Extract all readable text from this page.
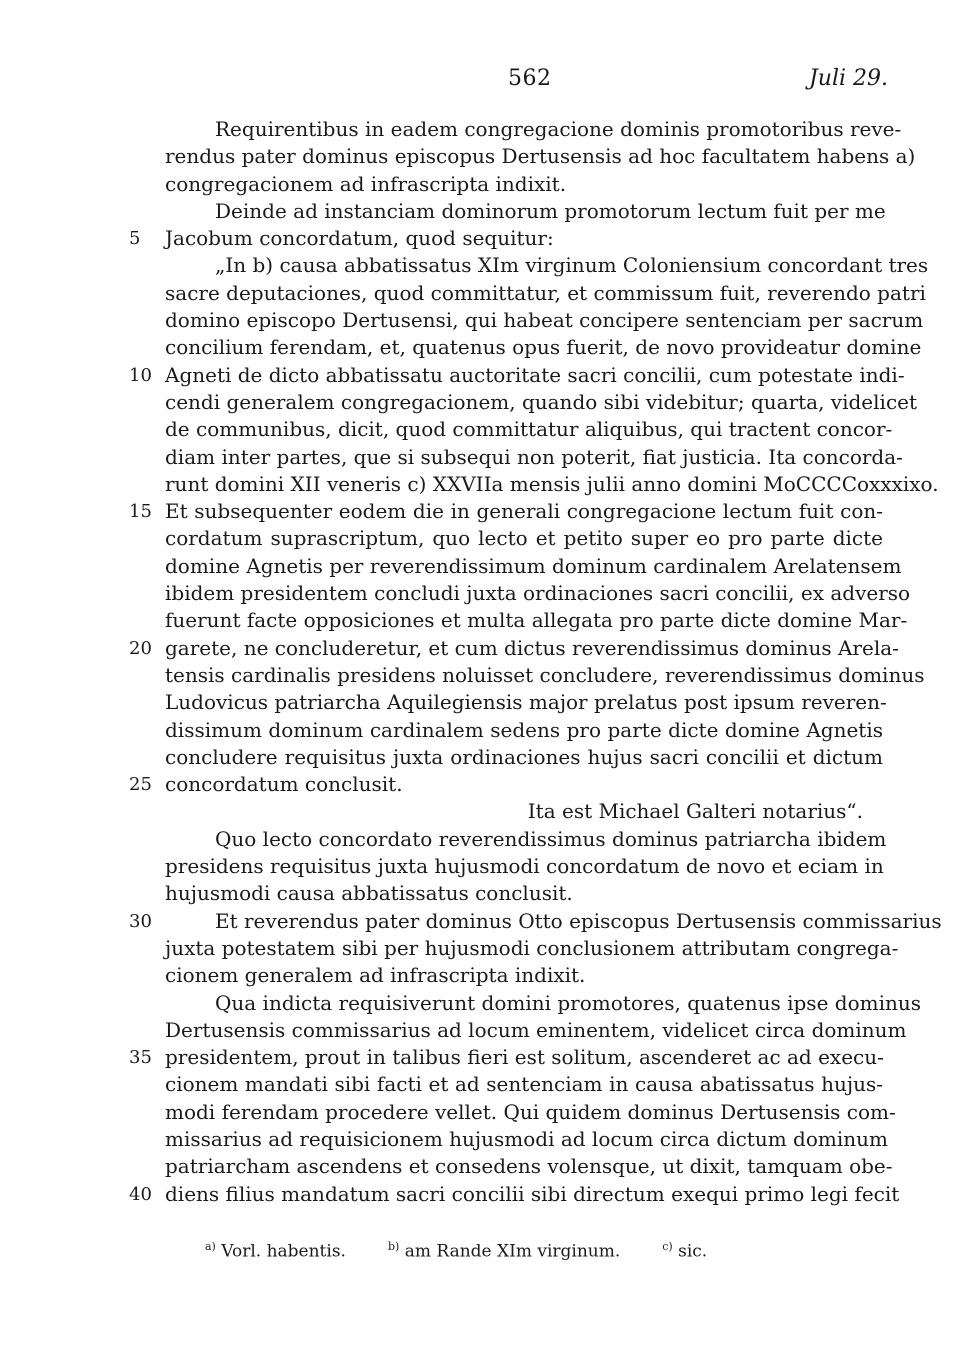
562	Juli 29.
Requirentibus in eadem congregacione dominis promotoribus reve-
rendus pater dominus episcopus Dertusensis ad hoc facultatem habens a)
congregacionem ad infrascripta indixit.
Deinde ad instanciam dominorum promotorum lectum fuit per me
5	Jacobum concordatum, quod sequitur:
„In b) causa abbatissatus XIm virginum Coloniensium concordant tres
sacre deputaciones, quod committatur, et commissum fuit, reverendo patri
domino episcopo Dertusensi, qui habeat concipere sentenciam per sacrum
concilium ferendam, et, quatenus opus fuerit, de novo provideatur domine
10 Agneti de dicto abbatissatu auctoritate sacri concilii, cum potestate indi-
cendi generalem congregacionem, quando sibi videbitur; quarta, videlicet
de communibus, dicit, quod committatur aliquibus, qui tractent concor-
diam inter partes, que si subsequi non poterit, fiat justicia. Ita concorda-
runt domini XII veneris c) XXVIIa mensis julii anno domini MoCCCCoxxxixo.
15 Et subsequenter eodem die in generali congregacione lectum fuit con-
cordatum suprascriptum, quo lecto et petito super eo pro parte dicte
domine Agnetis per reverendissimum dominum cardinalem Arelatensem
ibidem presidentem concludi juxta ordinaciones sacri concilii, ex adverso
fuerunt facte opposiciones et multa allegata pro parte dicte domine Mar-
20 garete, ne concluderetur, et cum dictus reverendissimus dominus Arela-
tensis cardinalis presidens noluisset concludere, reverendissimus dominus
Ludovicus patriarcha Aquilegiensis major prelatus post ipsum reveren-
dissimum dominum cardinalem sedens pro parte dicte domine Agnetis
concludere requisitus juxta ordinaciones hujus sacri concilii et dictum
25 concordatum conclusit.
Ita est Michael Galteri notarius“.
Quo lecto concordato reverendissimus dominus patriarcha ibidem
presidens requisitus juxta hujusmodi concordatum de novo et eciam in
hujusmodi causa abbatissatus conclusit.
30	Et reverendus pater dominus Otto episcopus Dertusensis commissarius
juxta potestatem sibi per hujusmodi conclusionem attributam congrega-
cionem generalem ad infrascripta indixit.
Qua indicta requisiverunt domini promotores, quatenus ipse dominus
Dertusensis commissarius ad locum eminentem, videlicet circa dominum
35 presidentem, prout in talibus fieri est solitum, ascenderet ac ad execu-
cionem mandati sibi facti et ad sentenciam in causa abatissatus hujus-
modi ferendam procedere vellet. Qui quidem dominus Dertusensis com-
missarius ad requisicionem hujusmodi ad locum circa dictum dominum
patriarcham ascendens et consedens volensque, ut dixit, tamquam obe-
40 diens filius mandatum sacri concilii sibi directum exequi primo legi fecit
$^{a)}$ Vorl. habentis.	$^{b)}$ am Rande XIm virginum.	$^{c)}$ sic.
